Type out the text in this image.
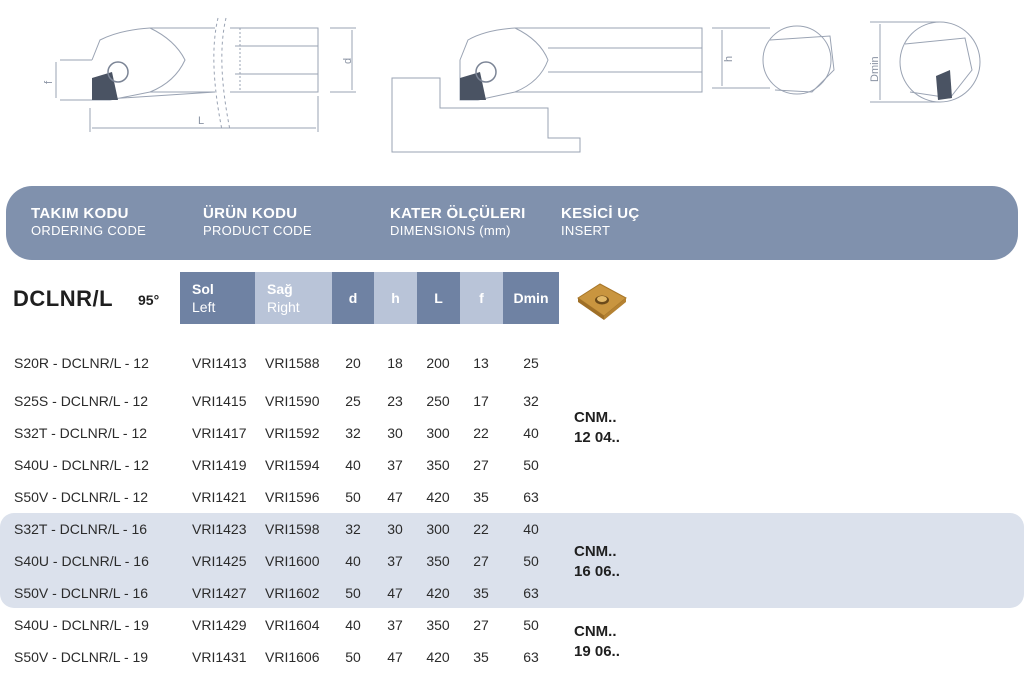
f
L
d	h	Dmin
TAKIM KODU
ORDERING CODE
ÜRÜN KODU
PRODUCT CODE
KATER ÖLÇÜLERI
DIMENSIONS (mm)
KESİCİ UÇ
INSERT
DCLNR/L 95°
Sol
Left
Sağ
Right
d	h	L	f	Dmin
S20R - DCLNR/L - 12	VRI1413 VRI1588	20	18	200	13	25
S25S - DCLNR/L - 12	VRI1415 VRI1590	25	23	250	17	32
S32T - DCLNR/L - 12	VRI1417 VRI1592	32	30	300	22	40
S40U - DCLNR/L - 12	VRI1419 VRI1594	40	37	350	27	50
S50V - DCLNR/L - 12	VRI1421 VRI1596	50	47	420	35	63
S32T - DCLNR/L - 16	VRI1423 VRI1598	32	30	300	22	40
S40U - DCLNR/L - 16	VRI1425 VRI1600	40	37	350	27	50
S50V - DCLNR/L - 16	VRI1427 VRI1602	50	47	420	35	63
S40U - DCLNR/L - 19	VRI1429 VRI1604	40	37	350	27	50
S50V - DCLNR/L - 19	VRI1431 VRI1606	50	47	420	35	63
CNM..
12 04..
CNM..
16 06..
CNM..
19 06..
